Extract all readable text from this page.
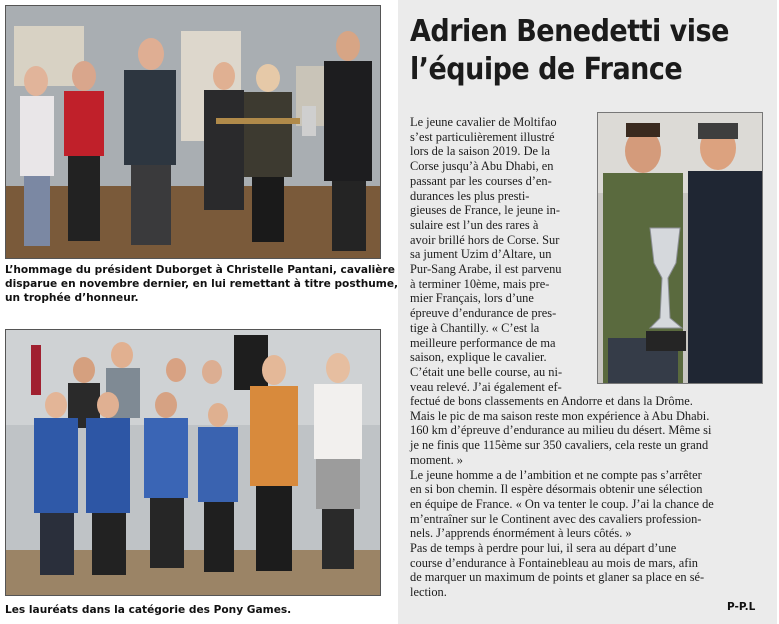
L’hommage du président Duborget à Christelle Pantani, cavalière
disparue en novembre dernier, en lui remettant à titre posthume,
un trophée d’honneur.
Les lauréats dans la catégorie des Pony Games.
Adrien Benedetti vise
l’équipe de France
Le jeune cavalier de Moltifao
s’est particulièrement illustré
lors de la saison 2019. De la
Corse jusqu’à Abu Dhabi, en
passant par les courses d’en-
durances les plus presti-
gieuses de France, le jeune in-
sulaire est l’un des rares à
avoir brillé hors de Corse. Sur
sa jument Uzim d’Altare, un
Pur-Sang Arabe, il est parvenu
à terminer 10ème, mais pre-
mier Français, lors d’une
épreuve d’endurance de pres-
tige à Chantilly. « C’est la
meilleure performance de ma
saison, explique le cavalier.
C’était une belle course, au ni-
veau relevé. J’ai également ef-
fectué de bons classements en Andorre et dans la Drôme.
Mais le pic de ma saison reste mon expérience à Abu Dhabi.
160 km d’épreuve d’endurance au milieu du désert. Même si
je ne finis que 115ème sur 350 cavaliers, cela reste un grand
moment. »
Le jeune homme a de l’ambition et ne compte pas s’arrêter
en si bon chemin. Il espère désormais obtenir une sélection
en équipe de France. « On va tenter le coup. J’ai la chance de
m’entraîner sur le Continent avec des cavaliers profession-
nels. J’apprends énormément à leurs côtés. »
Pas de temps à perdre pour lui, il sera au départ d’une
course d’endurance à Fontainebleau au mois de mars, afin
de marquer un maximum de points et glaner sa place en sé-
lection.
P-P.L
